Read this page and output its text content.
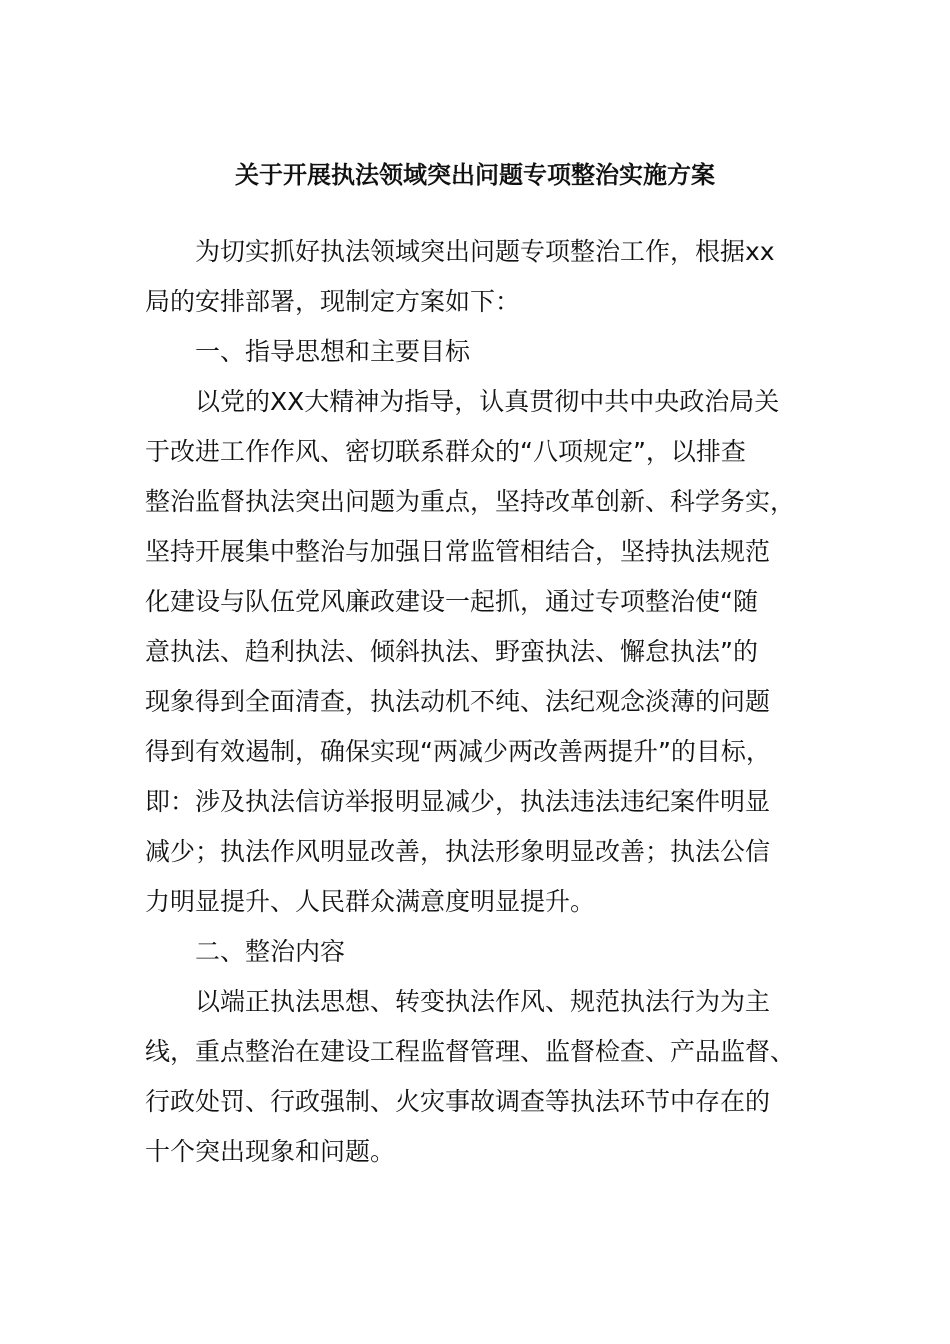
关于开展执法领域突出问题专项整治实施方案
为切实抓好执法领域突出问题专项整治工作，根据xx
局的安排部署，现制定方案如下：
一、指导思想和主要目标
以党的XX大精神为指导，认真贯彻中共中央政治局关
于改进工作作风、密切联系群众的“八项规定”，以排查
整治监督执法突出问题为重点，坚持改革创新、科学务实，
坚持开展集中整治与加强日常监管相结合，坚持执法规范
化建设与队伍党风廉政建设一起抓，通过专项整治使“随
意执法、趋利执法、倾斜执法、野蛮执法、懈怠执法”的
现象得到全面清查，执法动机不纯、法纪观念淡薄的问题
得到有效遏制，确保实现“两减少两改善两提升”的目标，
即：涉及执法信访举报明显减少，执法违法违纪案件明显
减少；执法作风明显改善，执法形象明显改善；执法公信
力明显提升、人民群众满意度明显提升。
二、整治内容
以端正执法思想、转变执法作风、规范执法行为为主
线，重点整治在建设工程监督管理、监督检查、产品监督、
行政处罚、行政强制、火灾事故调查等执法环节中存在的
十个突出现象和问题。
